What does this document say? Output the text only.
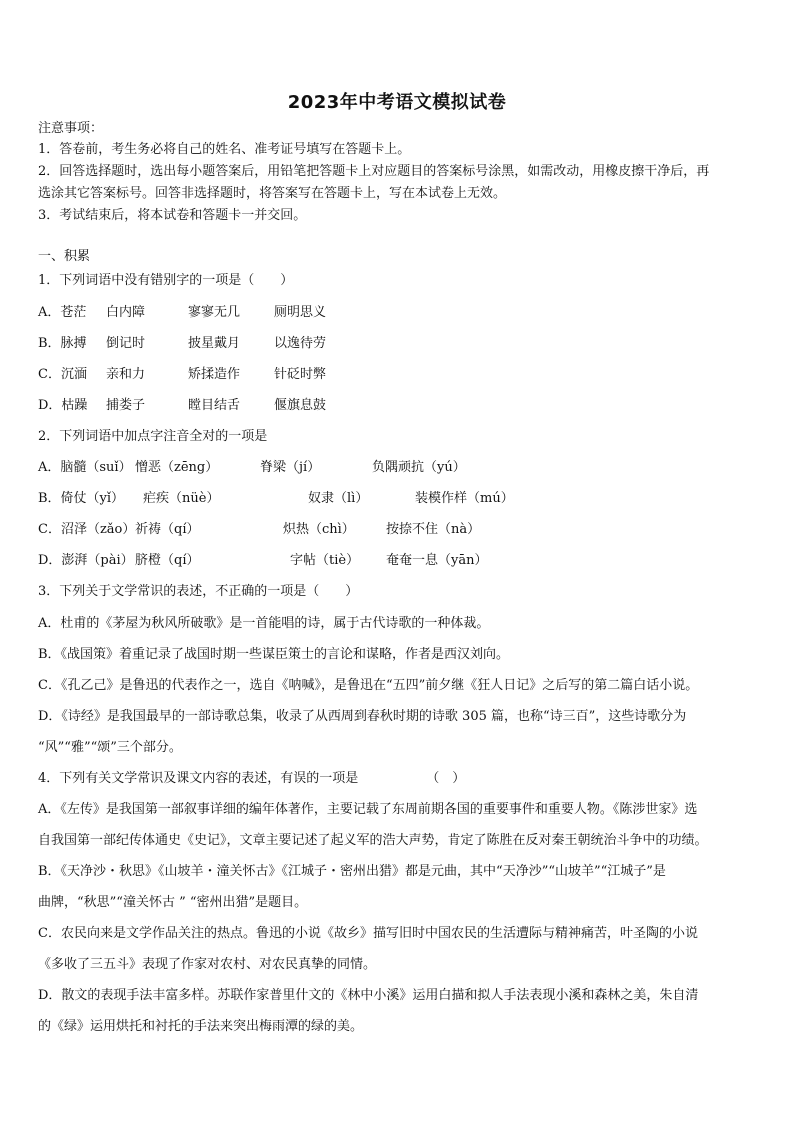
2023年中考语文模拟试卷
注意事项：
1．答卷前，考生务必将自己的姓名、准考证号填写在答题卡上。
2．回答选择题时，选出每小题答案后，用铅笔把答题卡上对应题目的答案标号涂黑，如需改动，用橡皮擦干净后，再
选涂其它答案标号。回答非选择题时，将答案写在答题卡上，写在本试卷上无效。
3．考试结束后，将本试卷和答题卡一并交回。
一、积累
1．下列词语中没有错别字的一项是（　　）
A．苍茫 白内障	寥寥无几	厕明思义
B．脉搏 倒记时	披星戴月	以逸待劳
C．沉湎 亲和力	矫揉造作	针砭时弊
D．枯躁 捕娄子	瞠目结舌	偃旗息鼓
2．下列词语中加点字注音全对的一项是
A．脑髓（suǐ） 憎恶（zēng）	脊梁（jí）	负隅顽抗（yú）
B．倚仗（yǐ） 疟疾（nüè）	奴隶（lì）	装模作样（mú）
C．沼泽（zǎo）祈祷（qí）	炽热（chì） 按捺不住（nà）
D．澎湃（pài）脐橙（qí）	字帖（tiè） 奄奄一息（yān）
3．下列关于文学常识的表述，不正确的一项是（　　）
A．杜甫的《茅屋为秋风所破歌》是一首能唱的诗，属于古代诗歌的一种体裁。
B．《战国策》着重记录了战国时期一些谋臣策士的言论和谋略，作者是西汉刘向。
C．《孔乙己》是鲁迅的代表作之一，选自《呐喊》，是鲁迅在“五四”前夕继《狂人日记》之后写的第二篇白话小说。
D．《诗经》是我国最早的一部诗歌总集，收录了从西周到春秋时期的诗歌 305 篇，也称“诗三百”，这些诗歌分为
“风”“雅”“颂”三个部分。
4．下列有关文学常识及课文内容的表述，有误的一项是	（　）
A．《左传》是我国第一部叙事详细的编年体著作，主要记载了东周前期各国的重要事件和重要人物。《陈涉世家》选
自我国第一部纪传体通史《史记》，文章主要记述了起义军的浩大声势，肯定了陈胜在反对秦王朝统治斗争中的功绩。
B．《天净沙・秋思》《山坡羊・潼关怀古》《江城子・密州出猎》都是元曲，其中“天净沙”“山坡羊”“江城子”是
曲牌，“秋思”“潼关怀古 ” “密州出猎”是题目。
C．农民向来是文学作品关注的热点。鲁迅的小说《故乡》描写旧时中国农民的生活遭际与精神痛苦，叶圣陶的小说
《多收了三五斗》表现了作家对农村、对农民真挚的同情。
D．散文的表现手法丰富多样。苏联作家普里什文的《林中小溪》运用白描和拟人手法表现小溪和森林之美，朱自清
的《绿》运用烘托和衬托的手法来突出梅雨潭的绿的美。
